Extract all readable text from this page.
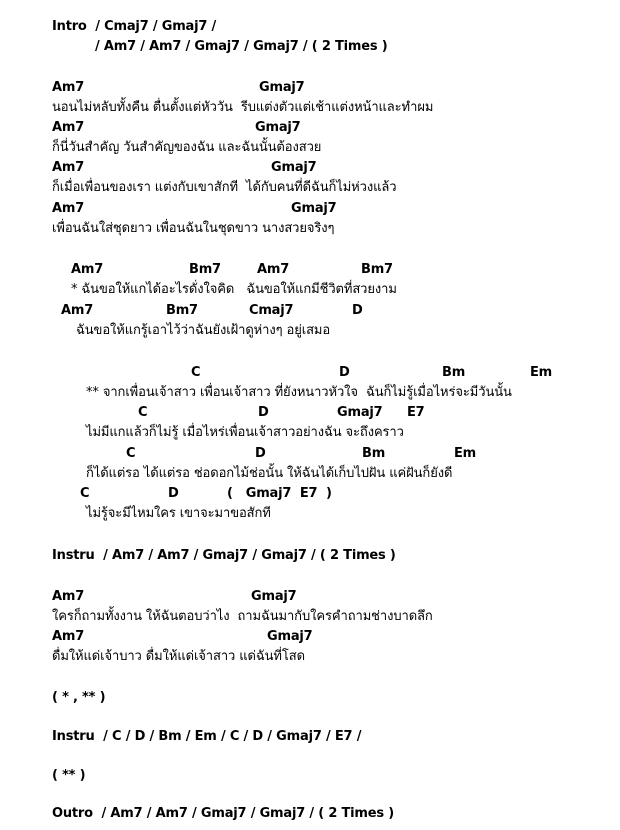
Intro  / Cmaj7 / Gmaj7 /
/ Am7 / Am7 / Gmaj7 / Gmaj7 / ( 2 Times )
Am7	Gmaj7
นอนไม่หลับทั้งคืน ตื่นตั้งแต่หัววัน  รีบแต่งตัวแต่เช้าแต่งหน้าและทำผม
Am7	Gmaj7
ก็นี่วันสำคัญ วันสำคัญของฉัน และฉันนั้นต้องสวย
Am7	Gmaj7
ก็เมื่อเพื่อนของเรา แต่งกับเขาสักที  ได้กับคนที่ดีฉันก็ไม่ห่วงแล้ว
Am7	Gmaj7
เพื่อนฉันใส่ชุดยาว เพื่อนฉันในชุดขาว นางสวยจริงๆ
Am7	Bm7	Am7	Bm7
* ฉันขอให้แกได้อะไรดั่งใจคิด   ฉันขอให้แกมีชีวิตที่สวยงาม
Am7	Bm7	Cmaj7	D
ฉันขอให้แกรู้เอาไว้ว่าฉันยังเฝ้าดูห่างๆ อยู่เสมอ
C	D	Bm	Em
** จากเพื่อนเจ้าสาว เพื่อนเจ้าสาว ที่ยังหนาวหัวใจ  ฉันก็ไม่รู้เมื่อไหร่จะมีวันนั้น
C	D	Gmaj7 E7
ไม่มีแกแล้วก็ไม่รู้ เมื่อไหร่เพื่อนเจ้าสาวอย่างฉัน จะถึงคราว
C	D	Bm	Em
ก็ได้แต่รอ ได้แต่รอ ช่อดอกไม้ช่อนั้น ให้ฉันได้เก็บไปฝัน แค่ฝันก็ยังดี
C	D	(   Gmaj7  E7  )
ไม่รู้จะมีไหมใคร เขาจะมาขอสักที
Instru  / Am7 / Am7 / Gmaj7 / Gmaj7 / ( 2 Times )
Am7	Gmaj7
ใครก็ถามทั้งงาน ให้ฉันตอบว่าไง  ถามฉันมากับใครคำถามช่างบาดลึก
Am7	Gmaj7
ดื่มให้แด่เจ้าบาว ดื่มให้แด่เจ้าสาว แด่ฉันที่โสด
( * , ** )
Instru  / C / D / Bm / Em / C / D / Gmaj7 / E7 /
( ** )
Outro  / Am7 / Am7 / Gmaj7 / Gmaj7 / ( 2 Times )
